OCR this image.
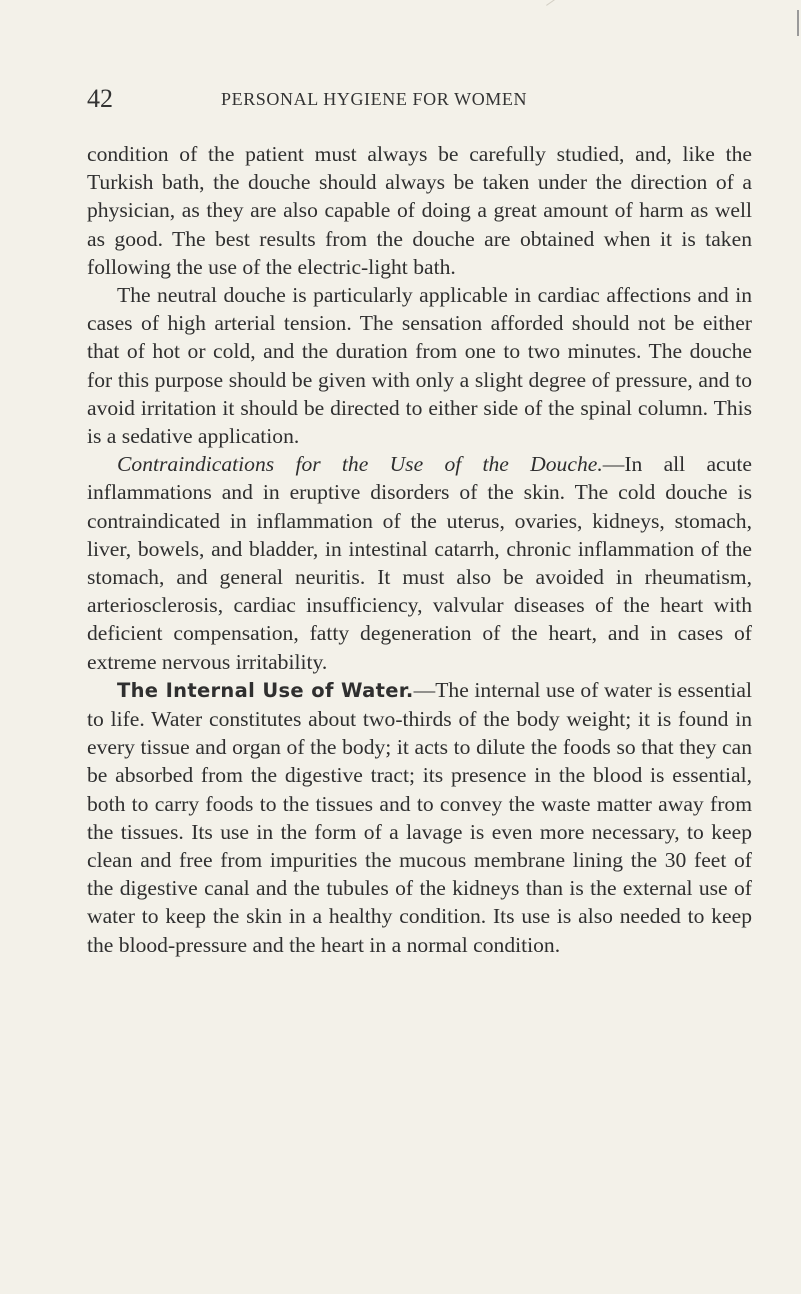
42	PERSONAL HYGIENE FOR WOMEN

condition of the patient must always be carefully studied, and, like the Turkish bath, the douche should always be taken under the direction of a physician, as they are also capable of doing a great amount of harm as well as good. The best results from the douche are obtained when it is taken following the use of the electric-light bath.

The neutral douche is particularly applicable in cardiac affections and in cases of high arterial tension. The sensation afforded should not be either that of hot or cold, and the duration from one to two minutes. The douche for this purpose should be given with only a slight degree of pressure, and to avoid irritation it should be directed to either side of the spinal column. This is a sedative application.

Contraindications for the Use of the Douche.—In all acute inflammations and in eruptive disorders of the skin. The cold douche is contraindicated in inflammation of the uterus, ovaries, kidneys, stomach, liver, bowels, and bladder, in intestinal catarrh, chronic inflammation of the stomach, and general neuritis. It must also be avoided in rheumatism, arteriosclerosis, cardiac insufficiency, valvular diseases of the heart with deficient compensation, fatty degeneration of the heart, and in cases of extreme nervous irritability.

The Internal Use of Water.—The internal use of water is essential to life. Water constitutes about two-thirds of the body weight; it is found in every tissue and organ of the body; it acts to dilute the foods so that they can be absorbed from the digestive tract; its presence in the blood is essential, both to carry foods to the tissues and to convey the waste matter away from the tissues. Its use in the form of a lavage is even more necessary, to keep clean and free from impurities the mucous membrane lining the 30 feet of the digestive canal and the tubules of the kidneys than is the external use of water to keep the skin in a healthy condition. Its use is also needed to keep the blood-pressure and the heart in a normal condition.
